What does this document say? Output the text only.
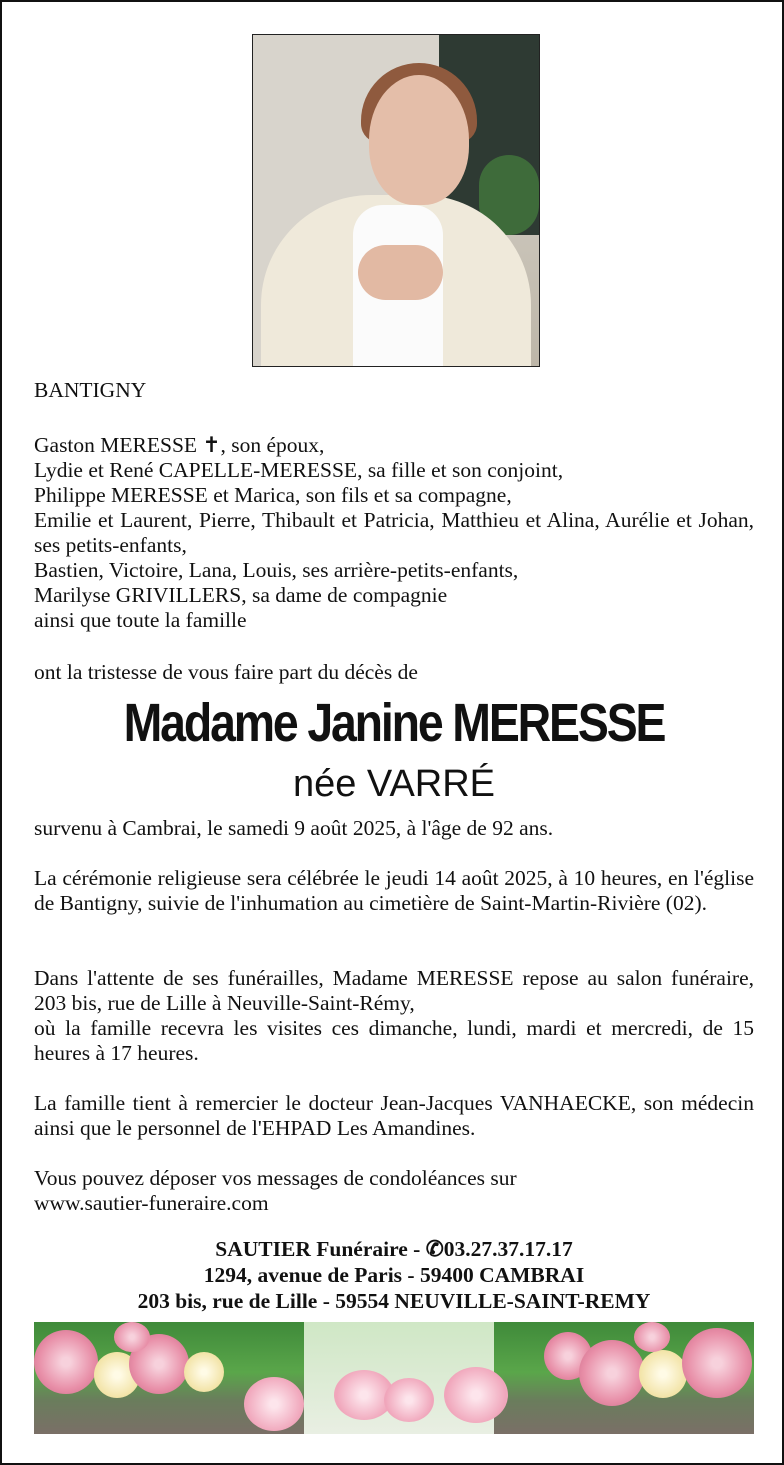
BANTIGNY
Gaston MERESSE ✝, son époux,
Lydie et René CAPELLE-MERESSE, sa fille et son conjoint,
Philippe MERESSE et Marica, son fils et sa compagne,
Emilie et Laurent, Pierre, Thibault et Patricia, Matthieu et Alina, Aurélie et Johan, ses petits-enfants,
Bastien, Victoire, Lana, Louis, ses arrière-petits-enfants,
Marilyse GRIVILLERS, sa dame de compagnie
ainsi que toute la famille
ont la tristesse de vous faire part du décès de
Madame Janine MERESSE
née VARRÉ
survenu à Cambrai, le samedi 9 août 2025, à l'âge de 92 ans.
La cérémonie religieuse sera célébrée le jeudi 14 août 2025, à 10 heures, en l'église de Bantigny, suivie de l'inhumation au cimetière de Saint-Martin-Rivière (02).
Dans l'attente de ses funérailles, Madame MERESSE repose au salon funéraire, 203 bis, rue de Lille à Neuville-Saint-Rémy,
où la famille recevra les visites ces dimanche, lundi, mardi et mercredi, de 15 heures à 17 heures.
La famille tient à remercier le docteur Jean-Jacques VANHAECKE, son médecin ainsi que le personnel de l'EHPAD Les Amandines.
Vous pouvez déposer vos messages de condoléances sur
www.sautier-funeraire.com
SAUTIER Funéraire - ✆03.27.37.17.17
1294, avenue de Paris - 59400 CAMBRAI
203 bis, rue de Lille - 59554 NEUVILLE-SAINT-REMY
